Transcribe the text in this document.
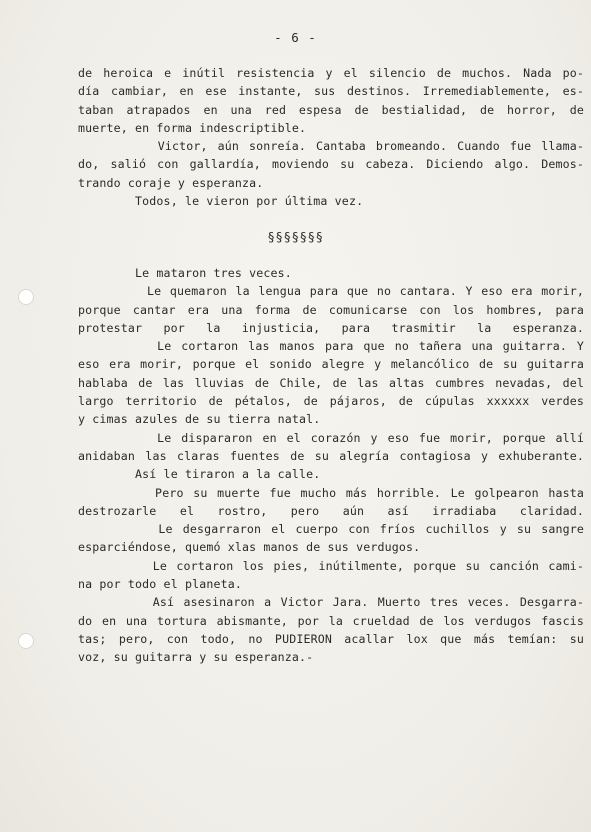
- 6 -
de heroica e inútil resistencia y el silencio de muchos. Nada po-
día cambiar, en ese instante, sus destinos. Irremediablemente, es-
taban atrapados en una red espesa de bestialidad, de horror, de
muerte, en forma indescriptible.
Victor, aún sonreía. Cantaba bromeando. Cuando fue llama-
do, salió con gallardía, moviendo su cabeza. Diciendo algo. Demos-
trando coraje y esperanza.
Todos, le vieron por última vez.
§§§§§§§
Le mataron tres veces.
Le quemaron la lengua para que no cantara. Y eso era morir,
porque cantar era una forma de comunicarse con los hombres, para
protestar por la injusticia, para trasmitir la esperanza.
Le cortaron las manos para que no tañera una guitarra. Y
eso era morir, porque el sonido alegre y melancólico de su guitarra
hablaba de las lluvias de Chile, de las altas cumbres nevadas, del
largo territorio de pétalos, de pájaros, de cúpulas xxxxxx verdes
y cimas azules de su tierra natal.
Le dispararon en el corazón y eso fue morir, porque allí
anidaban las claras fuentes de su alegría contagiosa y exhuberante.
Así le tiraron a la calle.
Pero su muerte fue mucho más horrible. Le golpearon hasta
destrozarle el rostro, pero aún así irradiaba claridad.
Le desgarraron el cuerpo con fríos cuchillos y su sangre
esparciéndose, quemó xlas manos de sus verdugos.
Le cortaron los pies, inútilmente, porque su canción cami-
na por todo el planeta.
Así asesinaron a Victor Jara. Muerto tres veces. Desgarra-
do en una tortura abismante, por la crueldad de los verdugos fascis
tas; pero, con todo, no PUDIERON acallar lox que más temían: su
voz, su guitarra y su esperanza.-
